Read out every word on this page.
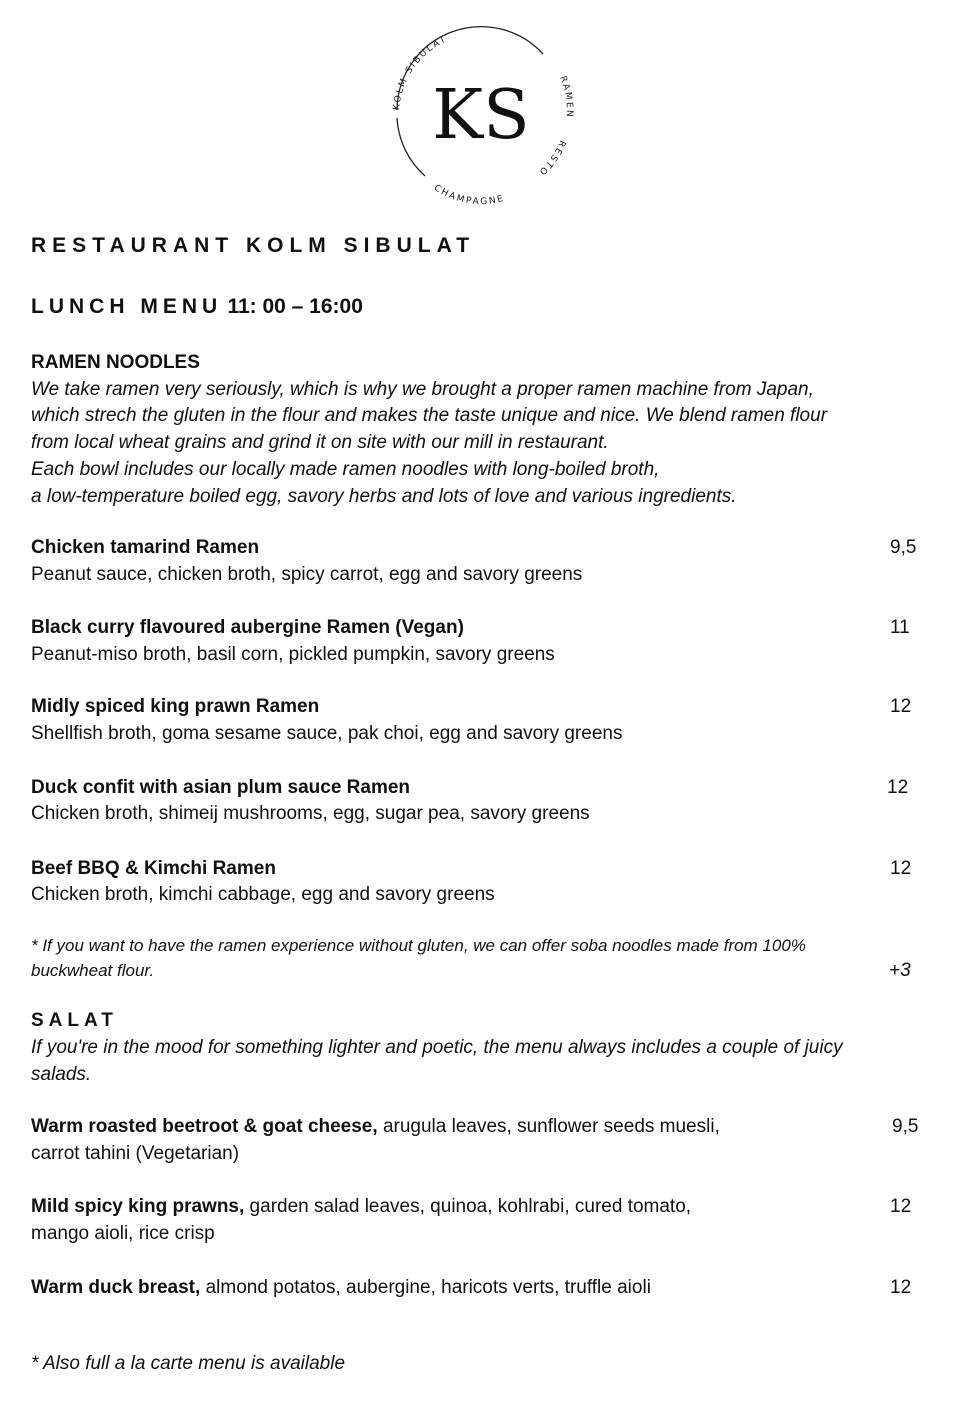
KOLM SIBULAT
RAMEN
RESTO
CHAMPAGNE
KS
RESTAURANT KOLM SIBULAT
LUNCH MENU 11: 00 – 16:00
RAMEN NOODLES
We take ramen very seriously, which is why we brought a proper ramen machine from Japan,
which strech the gluten in the flour and makes the taste unique and nice. We blend ramen flour
from local wheat grains and grind it on site with our mill in restaurant.
Each bowl includes our locally made ramen noodles with long-boiled broth,
a low-temperature boiled egg, savory herbs and lots of love and various ingredients.
Chicken tamarind Ramen	9,5
Peanut sauce, chicken broth, spicy carrot, egg and savory greens
Black curry flavoured aubergine Ramen (Vegan)	11
Peanut-miso broth, basil corn, pickled pumpkin, savory greens
Midly spiced king prawn Ramen	12
Shellfish broth, goma sesame sauce, pak choi, egg and savory greens
Duck confit with asian plum sauce Ramen	12
Chicken broth, shimeij mushrooms, egg, sugar pea, savory greens
Beef BBQ & Kimchi Ramen	12
Chicken broth, kimchi cabbage, egg and savory greens
* If you want to have the ramen experience without gluten, we can offer soba noodles made from 100%
buckwheat flour.	+3
SALAT
If you're in the mood for something lighter and poetic, the menu always includes a couple of juicy
salads.
Warm roasted beetroot & goat cheese, arugula leaves, sunflower seeds muesli,	9,5
carrot tahini (Vegetarian)
Mild spicy king prawns, garden salad leaves, quinoa, kohlrabi, cured tomato,	12
mango aioli, rice crisp
Warm duck breast, almond potatos, aubergine, haricots verts, truffle aioli	12
* Also full a la carte menu is available
